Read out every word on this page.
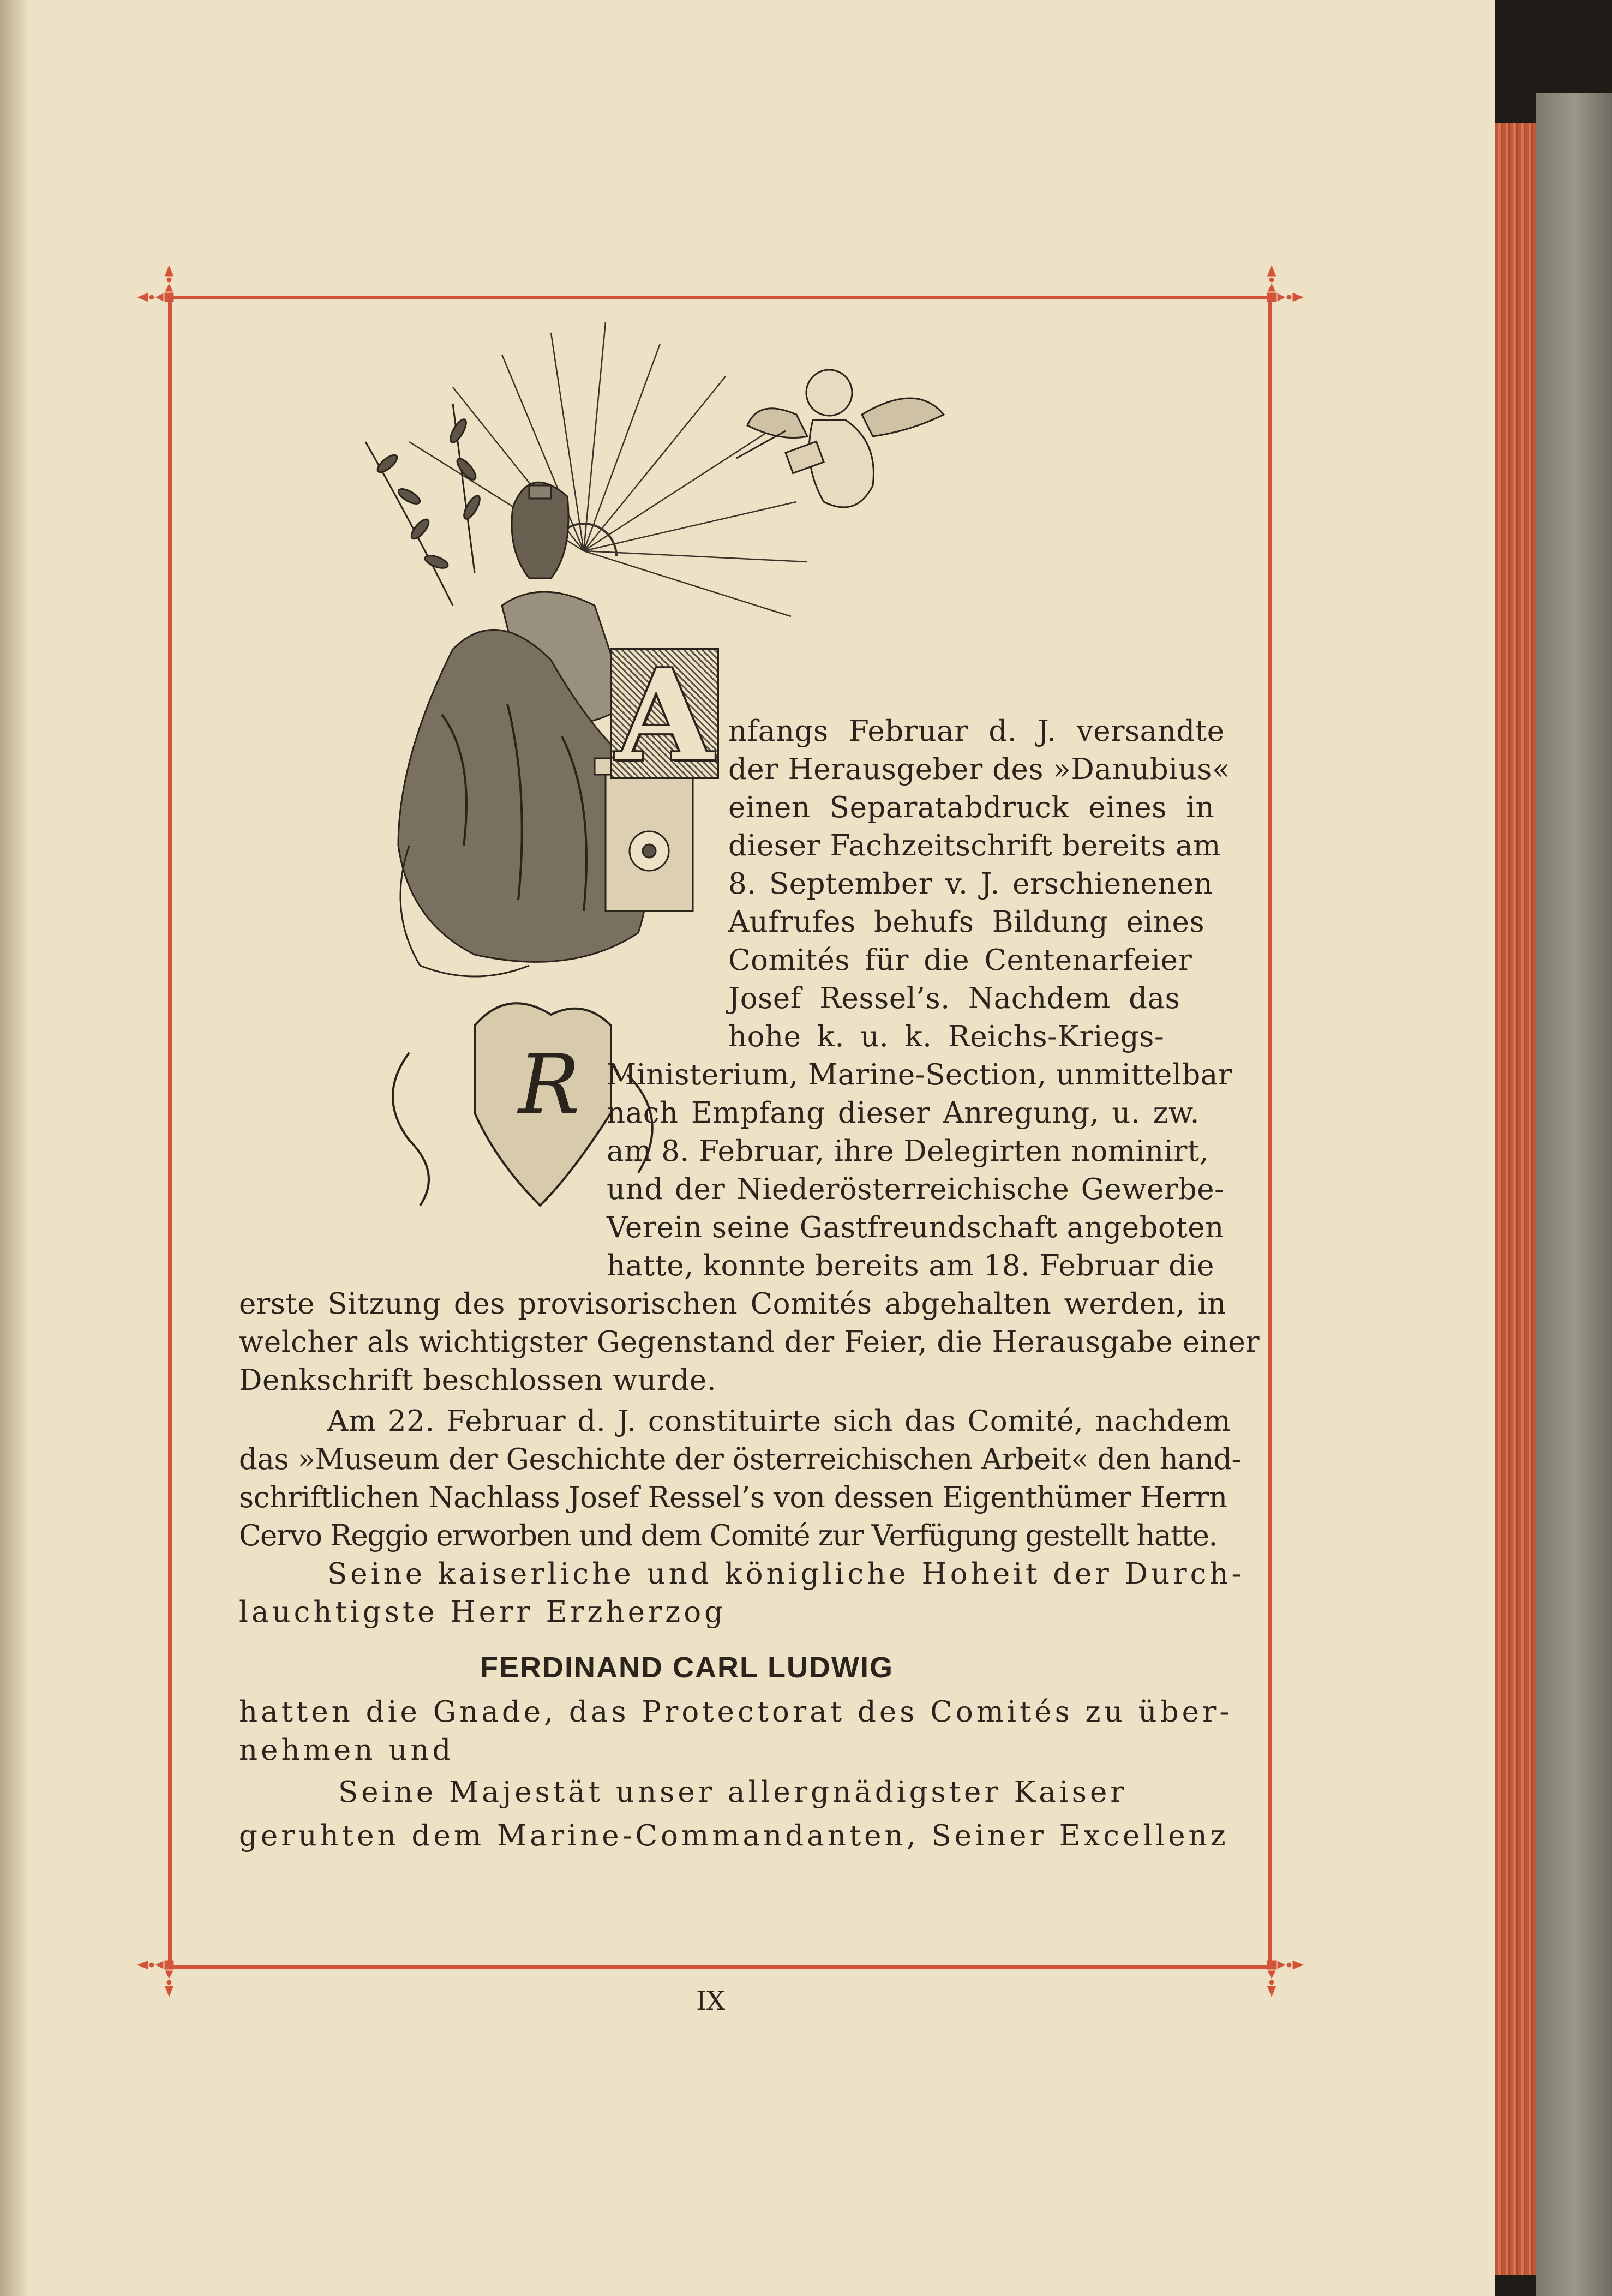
R
A nfangs Februar d. J. versandte

der Herausgeber des »Danubius«

einen Separatabdruck eines in

dieser Fachzeitschrift bereits am

8. September v. J. erschienenen

Aufrufes behufs Bildung eines

Comités für die Centenarfeier

Josef Ressel’s. Nachdem das

hohe k. u. k. Reichs-Kriegs-

Ministerium, Marine-Section, unmittelbar

nach Empfang dieser Anregung, u. zw.

am 8. Februar, ihre Delegirten nominirt,

und der Niederösterreichische Gewerbe-

Verein seine Gastfreundschaft angeboten

hatte, konnte bereits am 18. Februar die

erste Sitzung des provisorischen Comités abgehalten werden, in

welcher als wichtigster Gegenstand der Feier, die Herausgabe einer

Denkschrift beschlossen wurde.

Am 22. Februar d. J. constituirte sich das Comité, nachdem

das »Museum der Geschichte der österreichischen Arbeit« den hand-

schriftlichen Nachlass Josef Ressel’s von dessen Eigenthümer Herrn

Cervo Reggio erworben und dem Comité zur Verfügung gestellt hatte.

Seine kaiserliche und königliche Hoheit der Durch-

lauchtigste Herr Erzherzog

FERDINAND CARL LUDWIG

hatten die Gnade, das Protectorat des Comités zu über-

nehmen und

Seine Majestät unser allergnädigster Kaiser

geruhten dem Marine-Commandanten, Seiner Excellenz

IX
